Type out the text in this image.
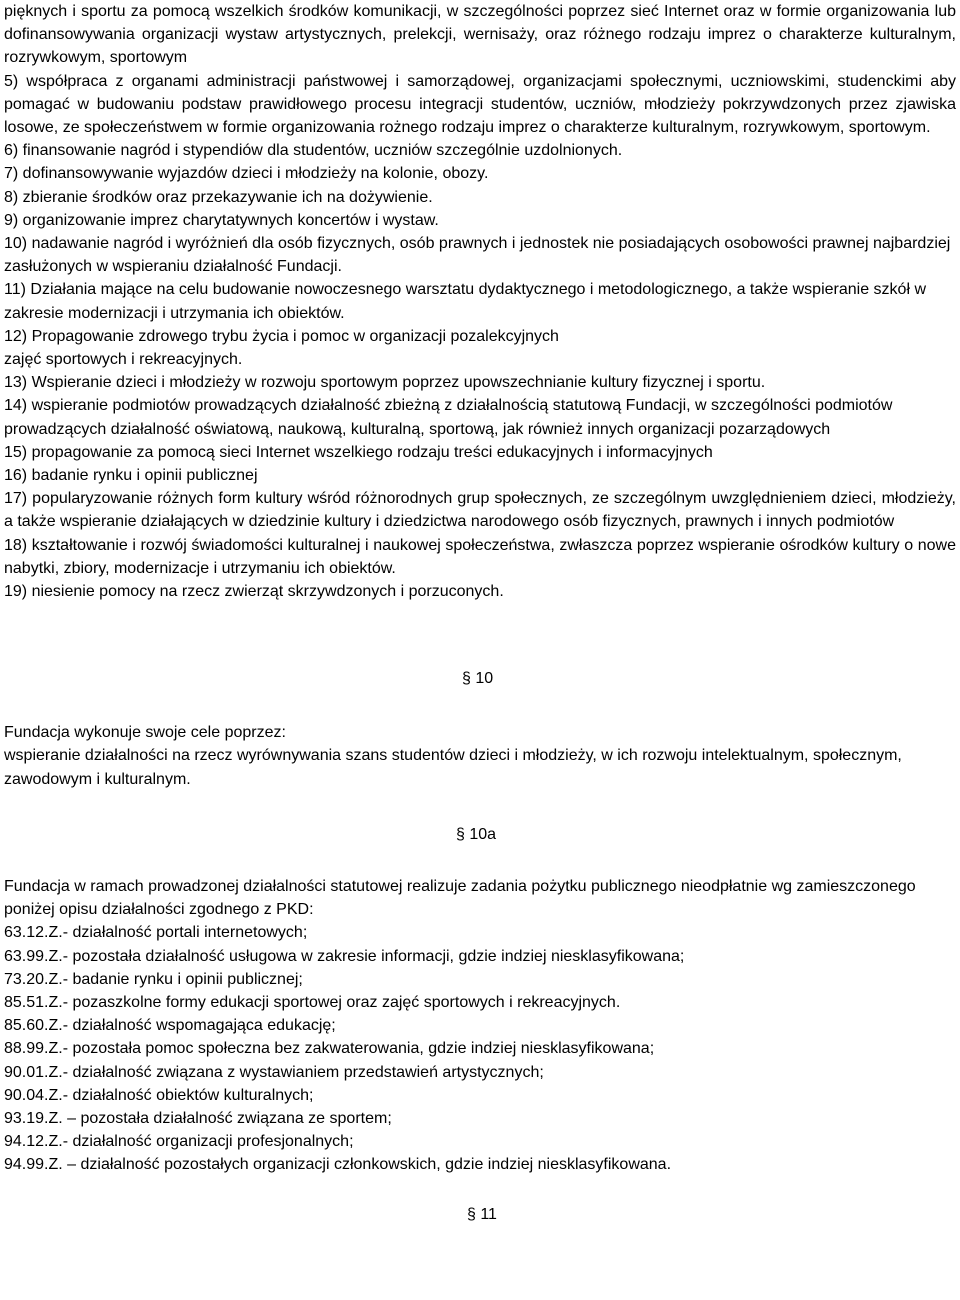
pięknych i sportu za pomocą wszelkich środków komunikacji, w szczególności poprzez sieć Internet oraz w formie organizowania lub dofinansowywania organizacji wystaw artystycznych, prelekcji, wernisaży, oraz różnego rodzaju imprez o charakterze kulturalnym, rozrywkowym, sportowym

5) współpraca z organami administracji państwowej i samorządowej, organizacjami społecznymi, uczniowskimi, studenckimi aby pomagać w budowaniu podstaw prawidłowego procesu integracji studentów, uczniów, młodzieży pokrzywdzonych przez zjawiska losowe, ze społeczeństwem w formie organizowania rożnego rodzaju imprez o charakterze kulturalnym, rozrywkowym, sportowym.

6) finansowanie nagród i stypendiów dla studentów, uczniów szczególnie uzdolnionych.

7) dofinansowywanie wyjazdów dzieci i młodzieży na kolonie, obozy.

8) zbieranie środków oraz przekazywanie ich na dożywienie.

9) organizowanie imprez charytatywnych koncertów i wystaw.

10) nadawanie nagród i wyróżnień dla osób fizycznych, osób prawnych i jednostek nie posiadających osobowości prawnej najbardziej zasłużonych w wspieraniu działalność Fundacji.

11) Działania mające na celu budowanie nowoczesnego warsztatu dydaktycznego i metodologicznego, a także wspieranie szkół w zakresie modernizacji i utrzymania ich obiektów.

12) Propagowanie zdrowego trybu życia i pomoc w organizacji pozalekcyjnych

zajęć sportowych i rekreacyjnych.

13) Wspieranie dzieci i młodzieży w rozwoju sportowym poprzez upowszechnianie kultury fizycznej i sportu.

14) wspieranie podmiotów prowadzących działalność zbieżną z działalnością statutową Fundacji, w szczególności podmiotów prowadzących działalność oświatową, naukową, kulturalną, sportową, jak również innych organizacji pozarządowych

15) propagowanie za pomocą sieci Internet wszelkiego rodzaju treści edukacyjnych i informacyjnych

16) badanie rynku i opinii publicznej

17) popularyzowanie różnych form kultury wśród różnorodnych grup społecznych, ze szczególnym uwzględnieniem dzieci, młodzieży, a także wspieranie działających w dziedzinie kultury i dziedzictwa narodowego osób fizycznych, prawnych i innych podmiotów

18) kształtowanie i rozwój świadomości kulturalnej i naukowej społeczeństwa, zwłaszcza poprzez wspieranie ośrodków kultury o nowe nabytki, zbiory, modernizacje i utrzymaniu ich obiektów.

19) niesienie pomocy na rzecz zwierząt skrzywdzonych i porzuconych.

§ 10

Fundacja wykonuje swoje cele poprzez:

wspieranie działalności na rzecz wyrównywania szans studentów dzieci i młodzieży, w ich rozwoju intelektualnym, społecznym, zawodowym i kulturalnym.

§ 10a

Fundacja w ramach prowadzonej działalności statutowej realizuje zadania pożytku publicznego nieodpłatnie wg zamieszczonego poniżej opisu działalności zgodnego z PKD:

63.12.Z.- działalność portali internetowych;

63.99.Z.- pozostała działalność usługowa w zakresie informacji, gdzie indziej niesklasyfikowana;

73.20.Z.- badanie rynku i opinii publicznej;

85.51.Z.- pozaszkolne formy edukacji sportowej oraz zajęć sportowych i rekreacyjnych.

85.60.Z.- działalność wspomagająca edukację;

88.99.Z.- pozostała pomoc społeczna bez zakwaterowania, gdzie indziej niesklasyfikowana;

90.01.Z.- działalność związana z wystawianiem przedstawień artystycznych;

90.04.Z.- działalność obiektów kulturalnych;

93.19.Z. – pozostała działalność związana ze sportem;

94.12.Z.- działalność organizacji profesjonalnych;

94.99.Z. – działalność pozostałych organizacji członkowskich, gdzie indziej niesklasyfikowana.

§ 11
